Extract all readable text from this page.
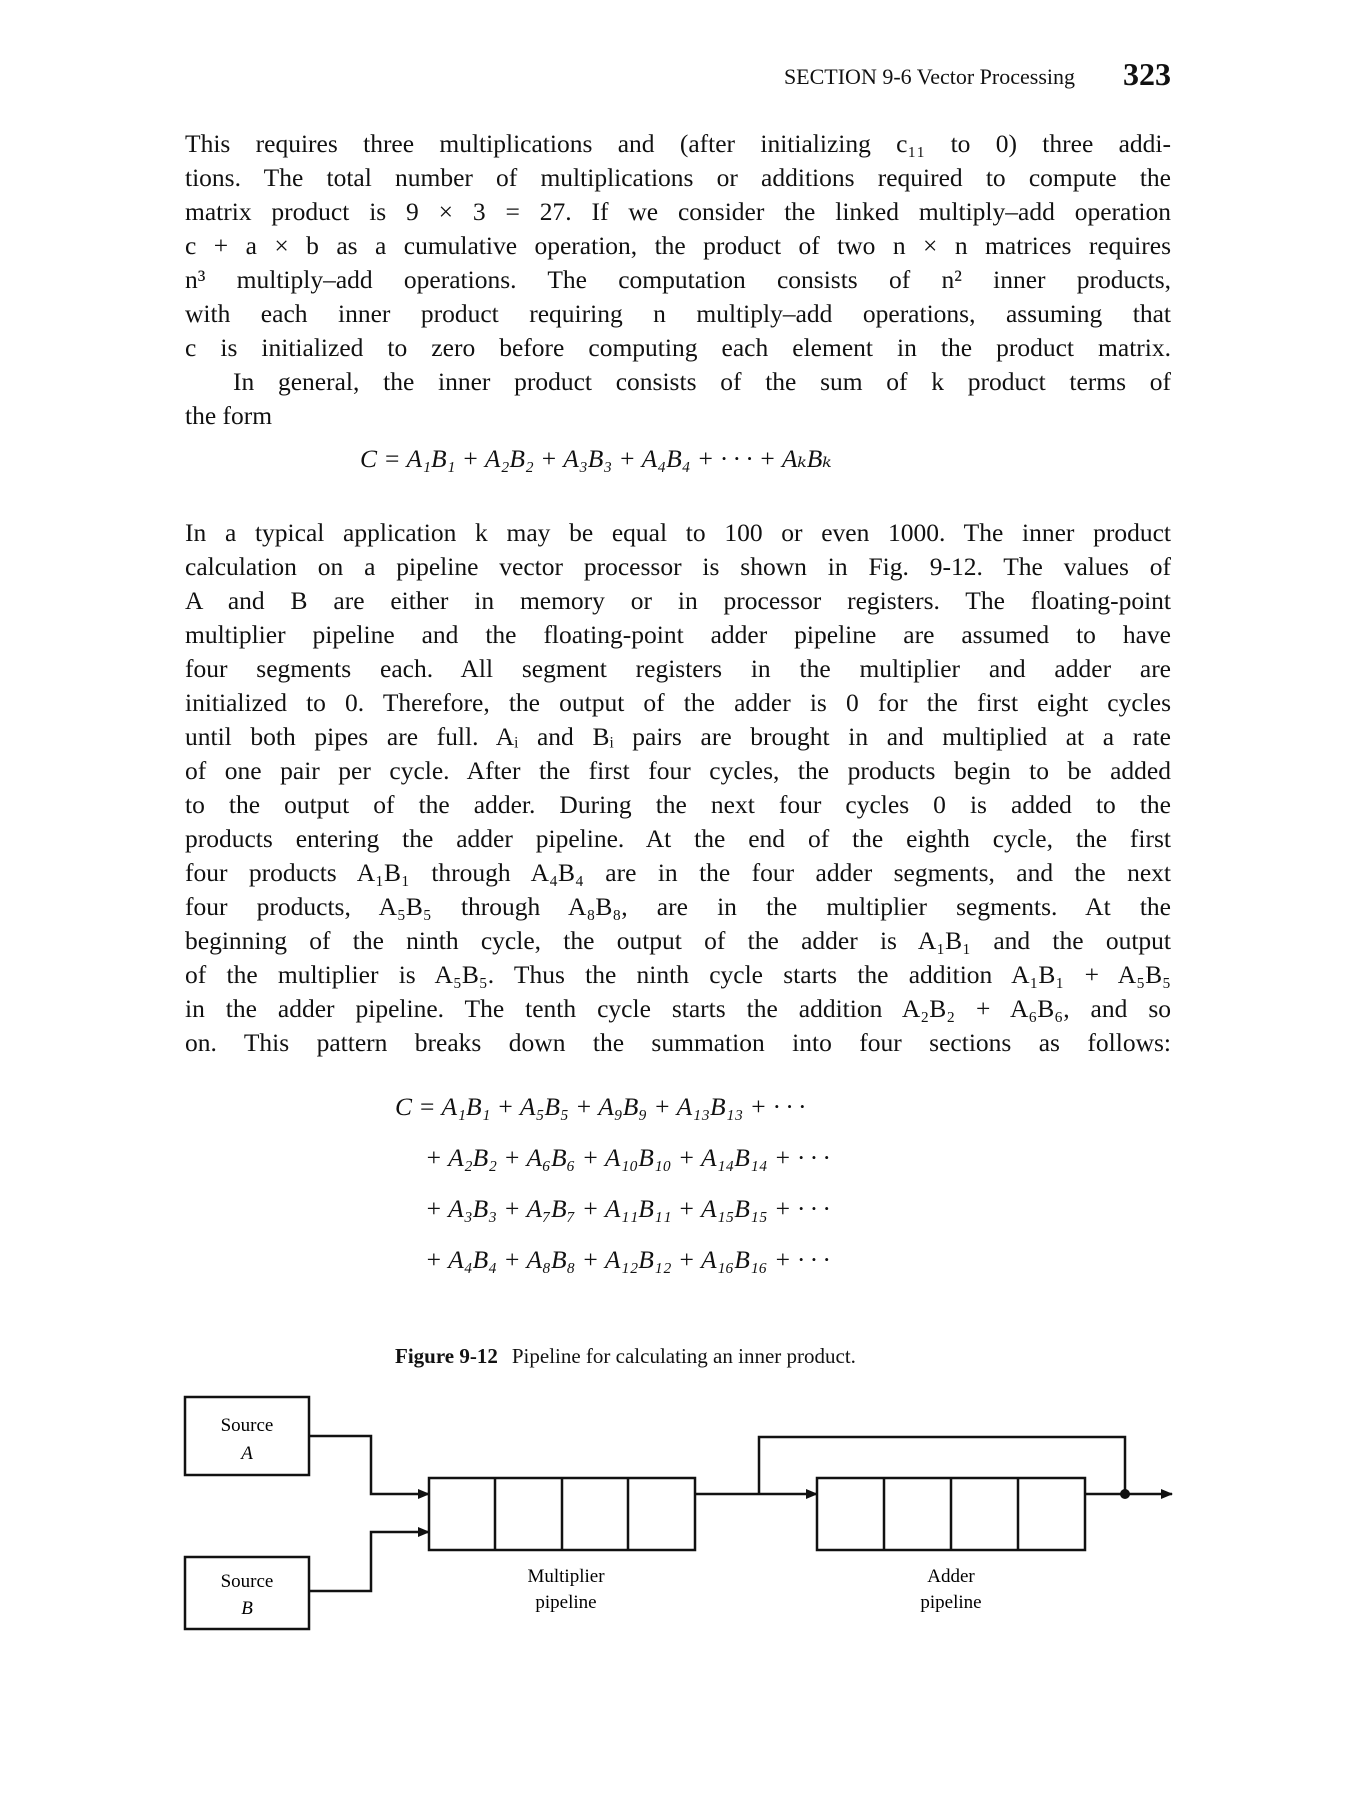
SECTION 9-6 Vector Processing 323
This requires three multiplications and (after initializing c₁₁ to 0) three addi-
tions. The total number of multiplications or additions required to compute the
matrix product is 9 × 3 = 27. If we consider the linked multiply–add operation
c + a × b as a cumulative operation, the product of two n × n matrices requires
n³ multiply–add operations. The computation consists of n² inner products,
with each inner product requiring n multiply–add operations, assuming that
c is initialized to zero before computing each element in the product matrix.
In general, the inner product consists of the sum of k product terms of
the form
C = A₁B₁ + A₂B₂ + A₃B₃ + A₄B₄ + · · · + AₖBₖ
In a typical application k may be equal to 100 or even 1000. The inner product
calculation on a pipeline vector processor is shown in Fig. 9-12. The values of
A and B are either in memory or in processor registers. The floating-point
multiplier pipeline and the floating-point adder pipeline are assumed to have
four segments each. All segment registers in the multiplier and adder are
initialized to 0. Therefore, the output of the adder is 0 for the first eight cycles
until both pipes are full. Aᵢ and Bᵢ pairs are brought in and multiplied at a rate
of one pair per cycle. After the first four cycles, the products begin to be added
to the output of the adder. During the next four cycles 0 is added to the
products entering the adder pipeline. At the end of the eighth cycle, the first
four products A₁B₁ through A₄B₄ are in the four adder segments, and the next
four products, A₅B₅ through A₈B₈, are in the multiplier segments. At the
beginning of the ninth cycle, the output of the adder is A₁B₁ and the output
of the multiplier is A₅B₅. Thus the ninth cycle starts the addition A₁B₁ + A₅B₅
in the adder pipeline. The tenth cycle starts the addition A₂B₂ + A₆B₆, and so
on. This pattern breaks down the summation into four sections as follows:
C = A₁B₁ + A₅B₅ + A₉B₉ + A₁₃B₁₃ + · · ·
+ A₂B₂ + A₆B₆ + A₁₀B₁₀ + A₁₄B₁₄ + · · ·
+ A₃B₃ + A₇B₇ + A₁₁B₁₁ + A₁₅B₁₅ + · · ·
+ A₄B₄ + A₈B₈ + A₁₂B₁₂ + A₁₆B₁₆ + · · ·
Figure 9-12 Pipeline for calculating an inner product.
Source
A
Source
B
Multiplier
pipeline
Adder
pipeline
